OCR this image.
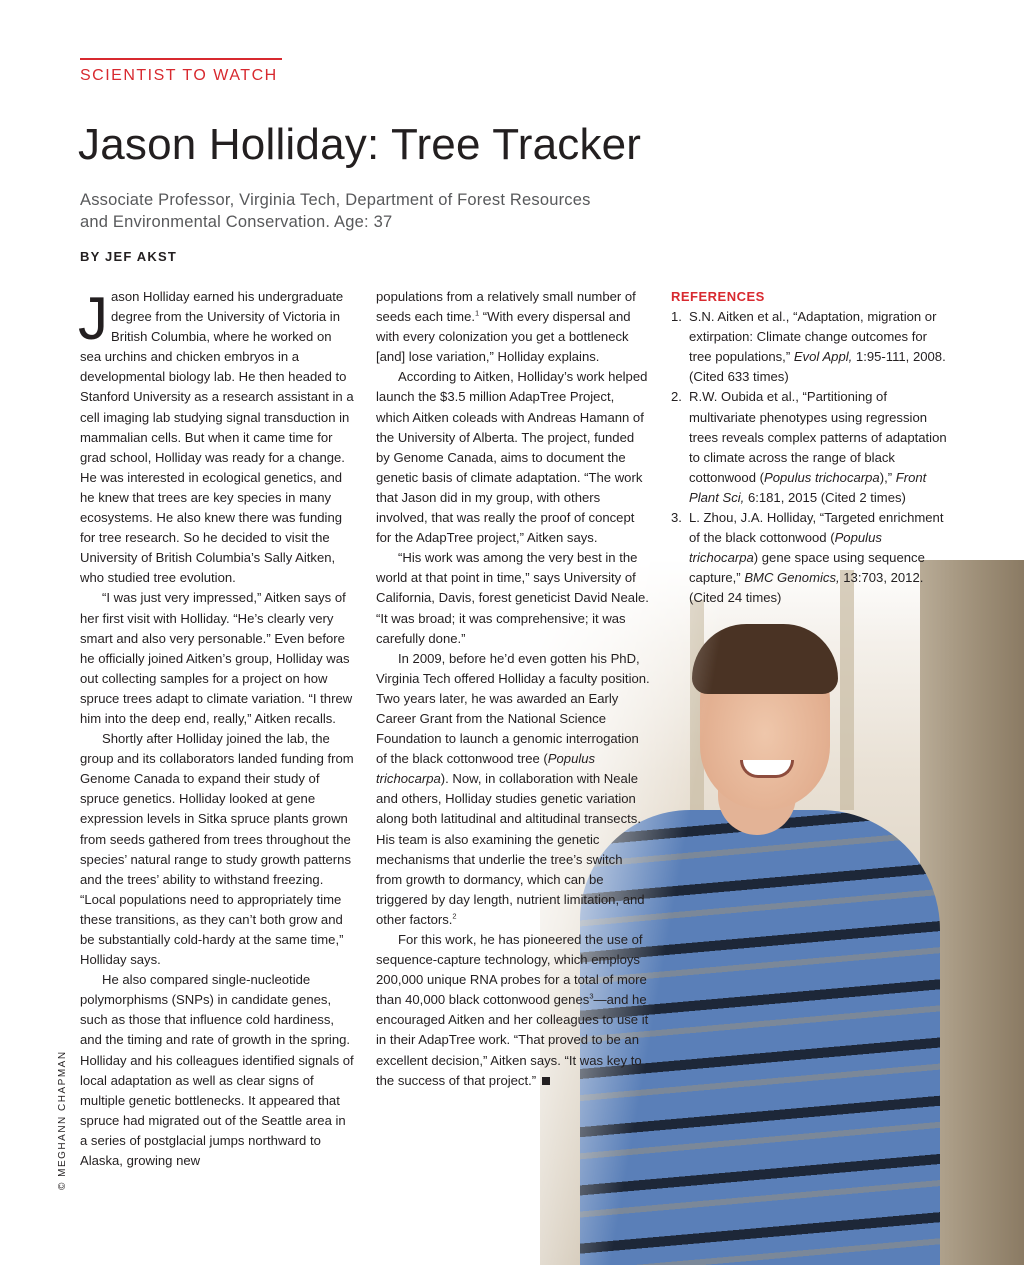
SCIENTIST TO WATCH
Jason Holliday: Tree Tracker
Associate Professor, Virginia Tech, Department of Forest Resources
and Environmental Conservation. Age: 37
BY JEF AKST

Jason Holliday earned his undergraduate degree from the University of Victoria in British Columbia, where he worked on sea urchins and chicken embryos in a developmental biology lab. He then headed to Stanford University as a research assistant in a cell imaging lab studying signal transduction in mammalian cells. But when it came time for grad school, Holliday was ready for a change. He was interested in ecological genetics, and he knew that trees are key species in many ecosystems. He also knew there was funding for tree research. So he decided to visit the University of British Columbia’s Sally Aitken, who studied tree evolution.

“I was just very impressed,” Aitken says of her first visit with Holliday. “He’s clearly very smart and also very personable.” Even before he officially joined Aitken’s group, Holliday was out collecting samples for a project on how spruce trees adapt to climate variation. “I threw him into the deep end, really,” Aitken recalls.

Shortly after Holliday joined the lab, the group and its collaborators landed funding from Genome Canada to expand their study of spruce genetics. Holliday looked at gene expression levels in Sitka spruce plants grown from seeds gathered from trees throughout the species’ natural range to study growth patterns and the trees’ ability to withstand freezing. “Local populations need to appropriately time these transitions, as they can’t both grow and be substantially cold-hardy at the same time,” Holliday says.

He also compared single-nucleotide polymorphisms (SNPs) in candidate genes, such as those that influence cold hardiness, and the timing and rate of growth in the spring. Holliday and his colleagues identified signals of local adaptation as well as clear signs of multiple genetic bottlenecks. It appeared that spruce had migrated out of the Seattle area in a series of postglacial jumps northward to Alaska, growing new

populations from a relatively small number of seeds each time.$^1$ “With every dispersal and with every colonization you get a bottleneck [and] lose variation,” Holliday explains.

According to Aitken, Holliday’s work helped launch the $3.5 million AdapTree Project, which Aitken coleads with Andreas Hamann of the University of Alberta. The project, funded by Genome Canada, aims to document the genetic basis of climate adaptation. “The work that Jason did in my group, with others involved, that was really the proof of concept for the AdapTree project,” Aitken says.

“His work was among the very best in the world at that point in time,” says University of California, Davis, forest geneticist David Neale. “It was broad; it was comprehensive; it was carefully done.”

In 2009, before he’d even gotten his PhD, Virginia Tech offered Holliday a faculty position. Two years later, he was awarded an Early Career Grant from the National Science Foundation to launch a genomic interrogation of the black cottonwood tree (Populus trichocarpa). Now, in collaboration with Neale and others, Holliday studies genetic variation along both latitudinal and altitudinal transects. His team is also examining the genetic mechanisms that underlie the tree’s switch from growth to dormancy, which can be triggered by day length, nutrient limitation, and other factors.$^2$

For this work, he has pioneered the use of sequence-capture technology, which employs 200,000 unique RNA probes for a total of more than 40,000 black cottonwood genes$^3$—and he encouraged Aitken and her colleagues to use it in their AdapTree work. “That proved to be an excellent decision,” Aitken says. “It was key to the success of that project.”

REFERENCES
1. S.N. Aitken et al., “Adaptation, migration or extirpation: Climate change outcomes for tree populations,” Evol Appl, 1:95-111, 2008. (Cited 633 times)
2. R.W. Oubida et al., “Partitioning of multivariate phenotypes using regression trees reveals complex patterns of adaptation to climate across the range of black cottonwood (Populus trichocarpa),” Front Plant Sci, 6:181, 2015 (Cited 2 times)
3. L. Zhou, J.A. Holliday, “Targeted enrichment of the black cottonwood (Populus trichocarpa) gene space using sequence capture,” BMC Genomics, 13:703, 2012. (Cited 24 times)
© MEGHANN CHAPMAN
